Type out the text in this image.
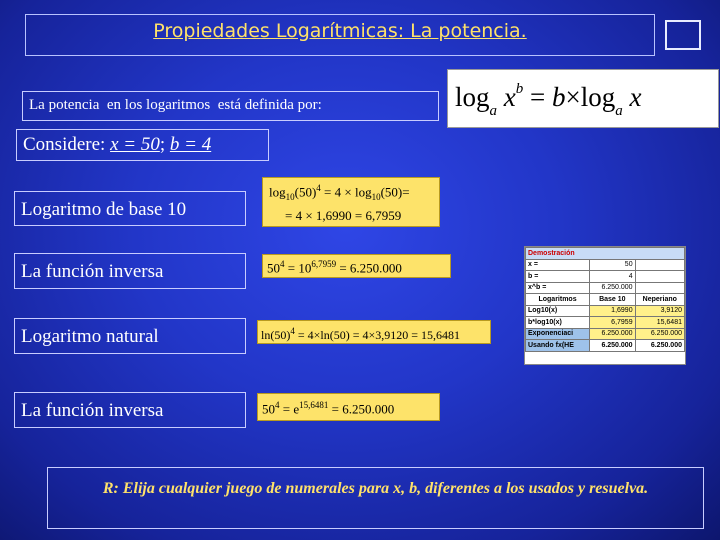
Propiedades Logarítmicas: La potencia.
La potencia  en los logaritmos  está definida por:	$\log_a x^b = b\times\log_a$ x
Considere: x = 50; b = 4
Logaritmo de base 10
La función inversa
Logaritmo natural
La función inversa
$\log_{10}(50)^4 = 4 \times \log_{10}(50)=$
= 4 × 1,6990 = 6,7959
$50^4 = 10^{6,7959} = 6.250.000$
$\ln(50)^4 = 4\times\ln(50) = 4\times 3,9120 = 15,6481$
$50^4 = e^{15,6481} = 6.250.000$
Demostración		
x =	50	
b =	4	
x^b =	6.250.000	
Logaritmos	Base 10	Neperiano
Log10(x)	1,6990	3,9120
b*log10(x)	6,7959	15,6481
Exponenciaci	6.250.000	6.250.000
Usando fx(HE	6.250.000	6.250.000
R: Elija cualquier juego de numerales para x, b, diferentes a los usados y resuelva.
